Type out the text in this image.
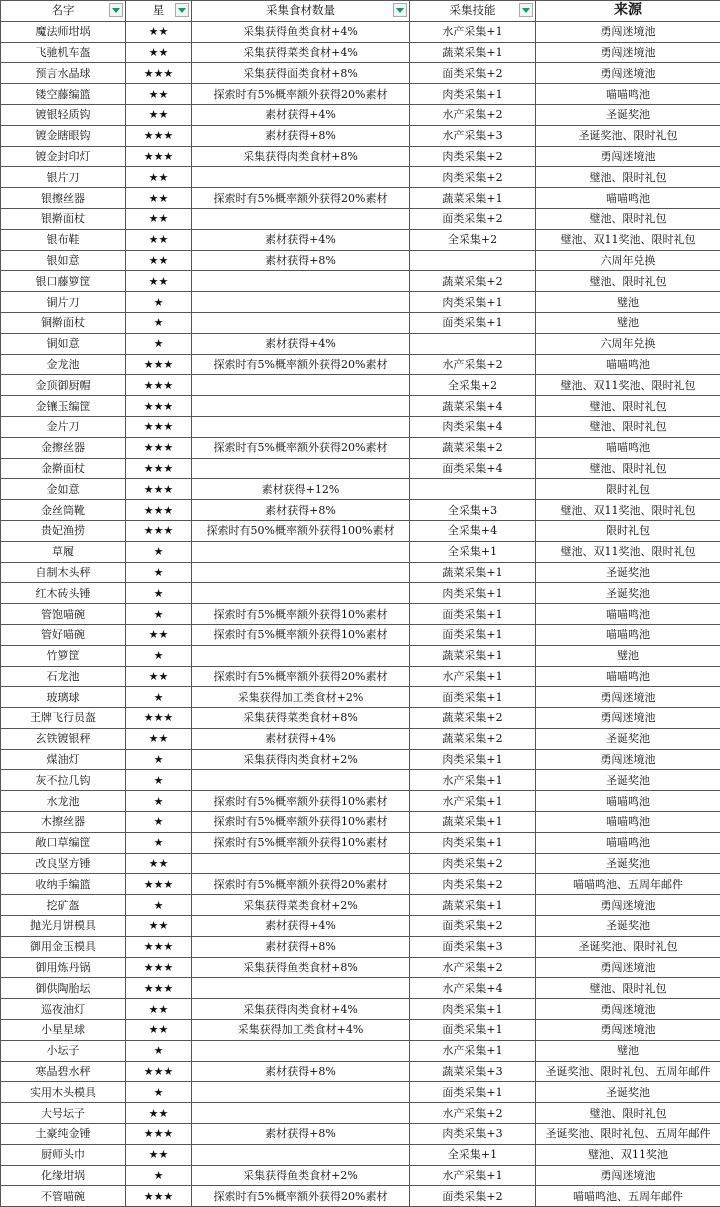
名字	星	采集食材数量	采集技能	来源
魔法师坩埚	★★	采集获得鱼类食材+4%	水产采集+1	勇闯迷境池
飞驰机车盔	★★	采集获得菜类食材+4%	蔬菜采集+1	勇闯迷境池
预言水晶球	★★★	采集获得面类食材+8%	面类采集+2	勇闯迷境池
镂空藤编篮	★★	探索时有5%概率额外获得20%素材	肉类采集+1	喵喵鸣池
镀银轻质钩	★★	素材获得+4%	水产采集+2	圣诞奖池
镀金瞎眼钩	★★★	素材获得+8%	水产采集+3	圣诞奖池、限时礼包
镀金封印灯	★★★	采集获得肉类食材+8%	肉类采集+2	勇闯迷境池
银片刀	★★		肉类采集+2	璧池、限时礼包
银擦丝器	★★	探索时有5%概率额外获得20%素材	蔬菜采集+1	喵喵鸣池
银擀面杖	★★		面类采集+2	璧池、限时礼包
银布鞋	★★	素材获得+4%	全采集+2	璧池、双11奖池、限时礼包
银如意	★★	素材获得+8%		六周年兑换
银口藤箩筐	★★		蔬菜采集+2	璧池、限时礼包
铜片刀	★		肉类采集+1	璧池
铜擀面杖	★		面类采集+1	璧池
铜如意	★	素材获得+4%		六周年兑换
金龙池	★★★	探索时有5%概率额外获得20%素材	水产采集+2	喵喵鸣池
金顶御厨帽	★★★		全采集+2	璧池、双11奖池、限时礼包
金镶玉编筐	★★★		蔬菜采集+4	璧池、限时礼包
金片刀	★★★		肉类采集+4	璧池、限时礼包
金擦丝器	★★★	探索时有5%概率额外获得20%素材	蔬菜采集+2	喵喵鸣池
金擀面杖	★★★		面类采集+4	璧池、限时礼包
金如意	★★★	素材获得+12%		限时礼包
金丝筒靴	★★★	素材获得+8%	全采集+3	璧池、双11奖池、限时礼包
贵妃渔捞	★★★	探索时有50%概率额外获得100%素材	全采集+4	限时礼包
草履	★		全采集+1	璧池、双11奖池、限时礼包
自制木头秤	★		蔬菜采集+1	圣诞奖池
红木砖头锤	★		肉类采集+1	圣诞奖池
管饱喵碗	★	探索时有5%概率额外获得10%素材	面类采集+1	喵喵鸣池
管好喵碗	★★	探索时有5%概率额外获得10%素材	面类采集+1	喵喵鸣池
竹箩筐	★		蔬菜采集+1	璧池
石龙池	★★	探索时有5%概率额外获得20%素材	水产采集+1	喵喵鸣池
玻璃球	★	采集获得加工类食材+2%	面类采集+1	勇闯迷境池
王牌飞行员盔	★★★	采集获得菜类食材+8%	蔬菜采集+2	勇闯迷境池
玄铁镀银秤	★★	素材获得+4%	蔬菜采集+2	圣诞奖池
煤油灯	★	采集获得肉类食材+2%	肉类采集+1	勇闯迷境池
灰不拉几钩	★		水产采集+1	圣诞奖池
水龙池	★	探索时有5%概率额外获得10%素材	水产采集+1	喵喵鸣池
木擦丝器	★	探索时有5%概率额外获得10%素材	蔬菜采集+1	喵喵鸣池
敞口草编筐	★	探索时有5%概率额外获得10%素材	肉类采集+1	喵喵鸣池
改良坚方锤	★★		肉类采集+2	圣诞奖池
收纳手编篮	★★★	探索时有5%概率额外获得20%素材	肉类采集+2	喵喵鸣池、五周年邮件
挖矿盔	★	采集获得菜类食材+2%	蔬菜采集+1	勇闯迷境池
抛光月饼模具	★★	素材获得+4%	面类采集+2	圣诞奖池
御用金玉模具	★★★	素材获得+8%	面类采集+3	圣诞奖池、限时礼包
御用炼丹锅	★★★	采集获得鱼类食材+8%	水产采集+2	勇闯迷境池
御供陶胎坛	★★★		水产采集+4	璧池、限时礼包
巡夜油灯	★★	采集获得肉类食材+4%	肉类采集+1	勇闯迷境池
小星星球	★★	采集获得加工类食材+4%	面类采集+1	勇闯迷境池
小坛子	★		水产采集+1	璧池
寒晶碧水秤	★★★	素材获得+8%	蔬菜采集+3	圣诞奖池、限时礼包、五周年邮件
实用木头模具	★		面类采集+1	圣诞奖池
大号坛子	★★		水产采集+2	璧池、限时礼包
土豪纯金锤	★★★	素材获得+8%	肉类采集+3	圣诞奖池、限时礼包、五周年邮件
厨师头巾	★★		全采集+1	璧池、双11奖池
化缘坩埚	★	采集获得鱼类食材+2%	水产采集+1	勇闯迷境池
不管喵碗	★★★	探索时有5%概率额外获得20%素材	面类采集+2	喵喵鸣池、五周年邮件
